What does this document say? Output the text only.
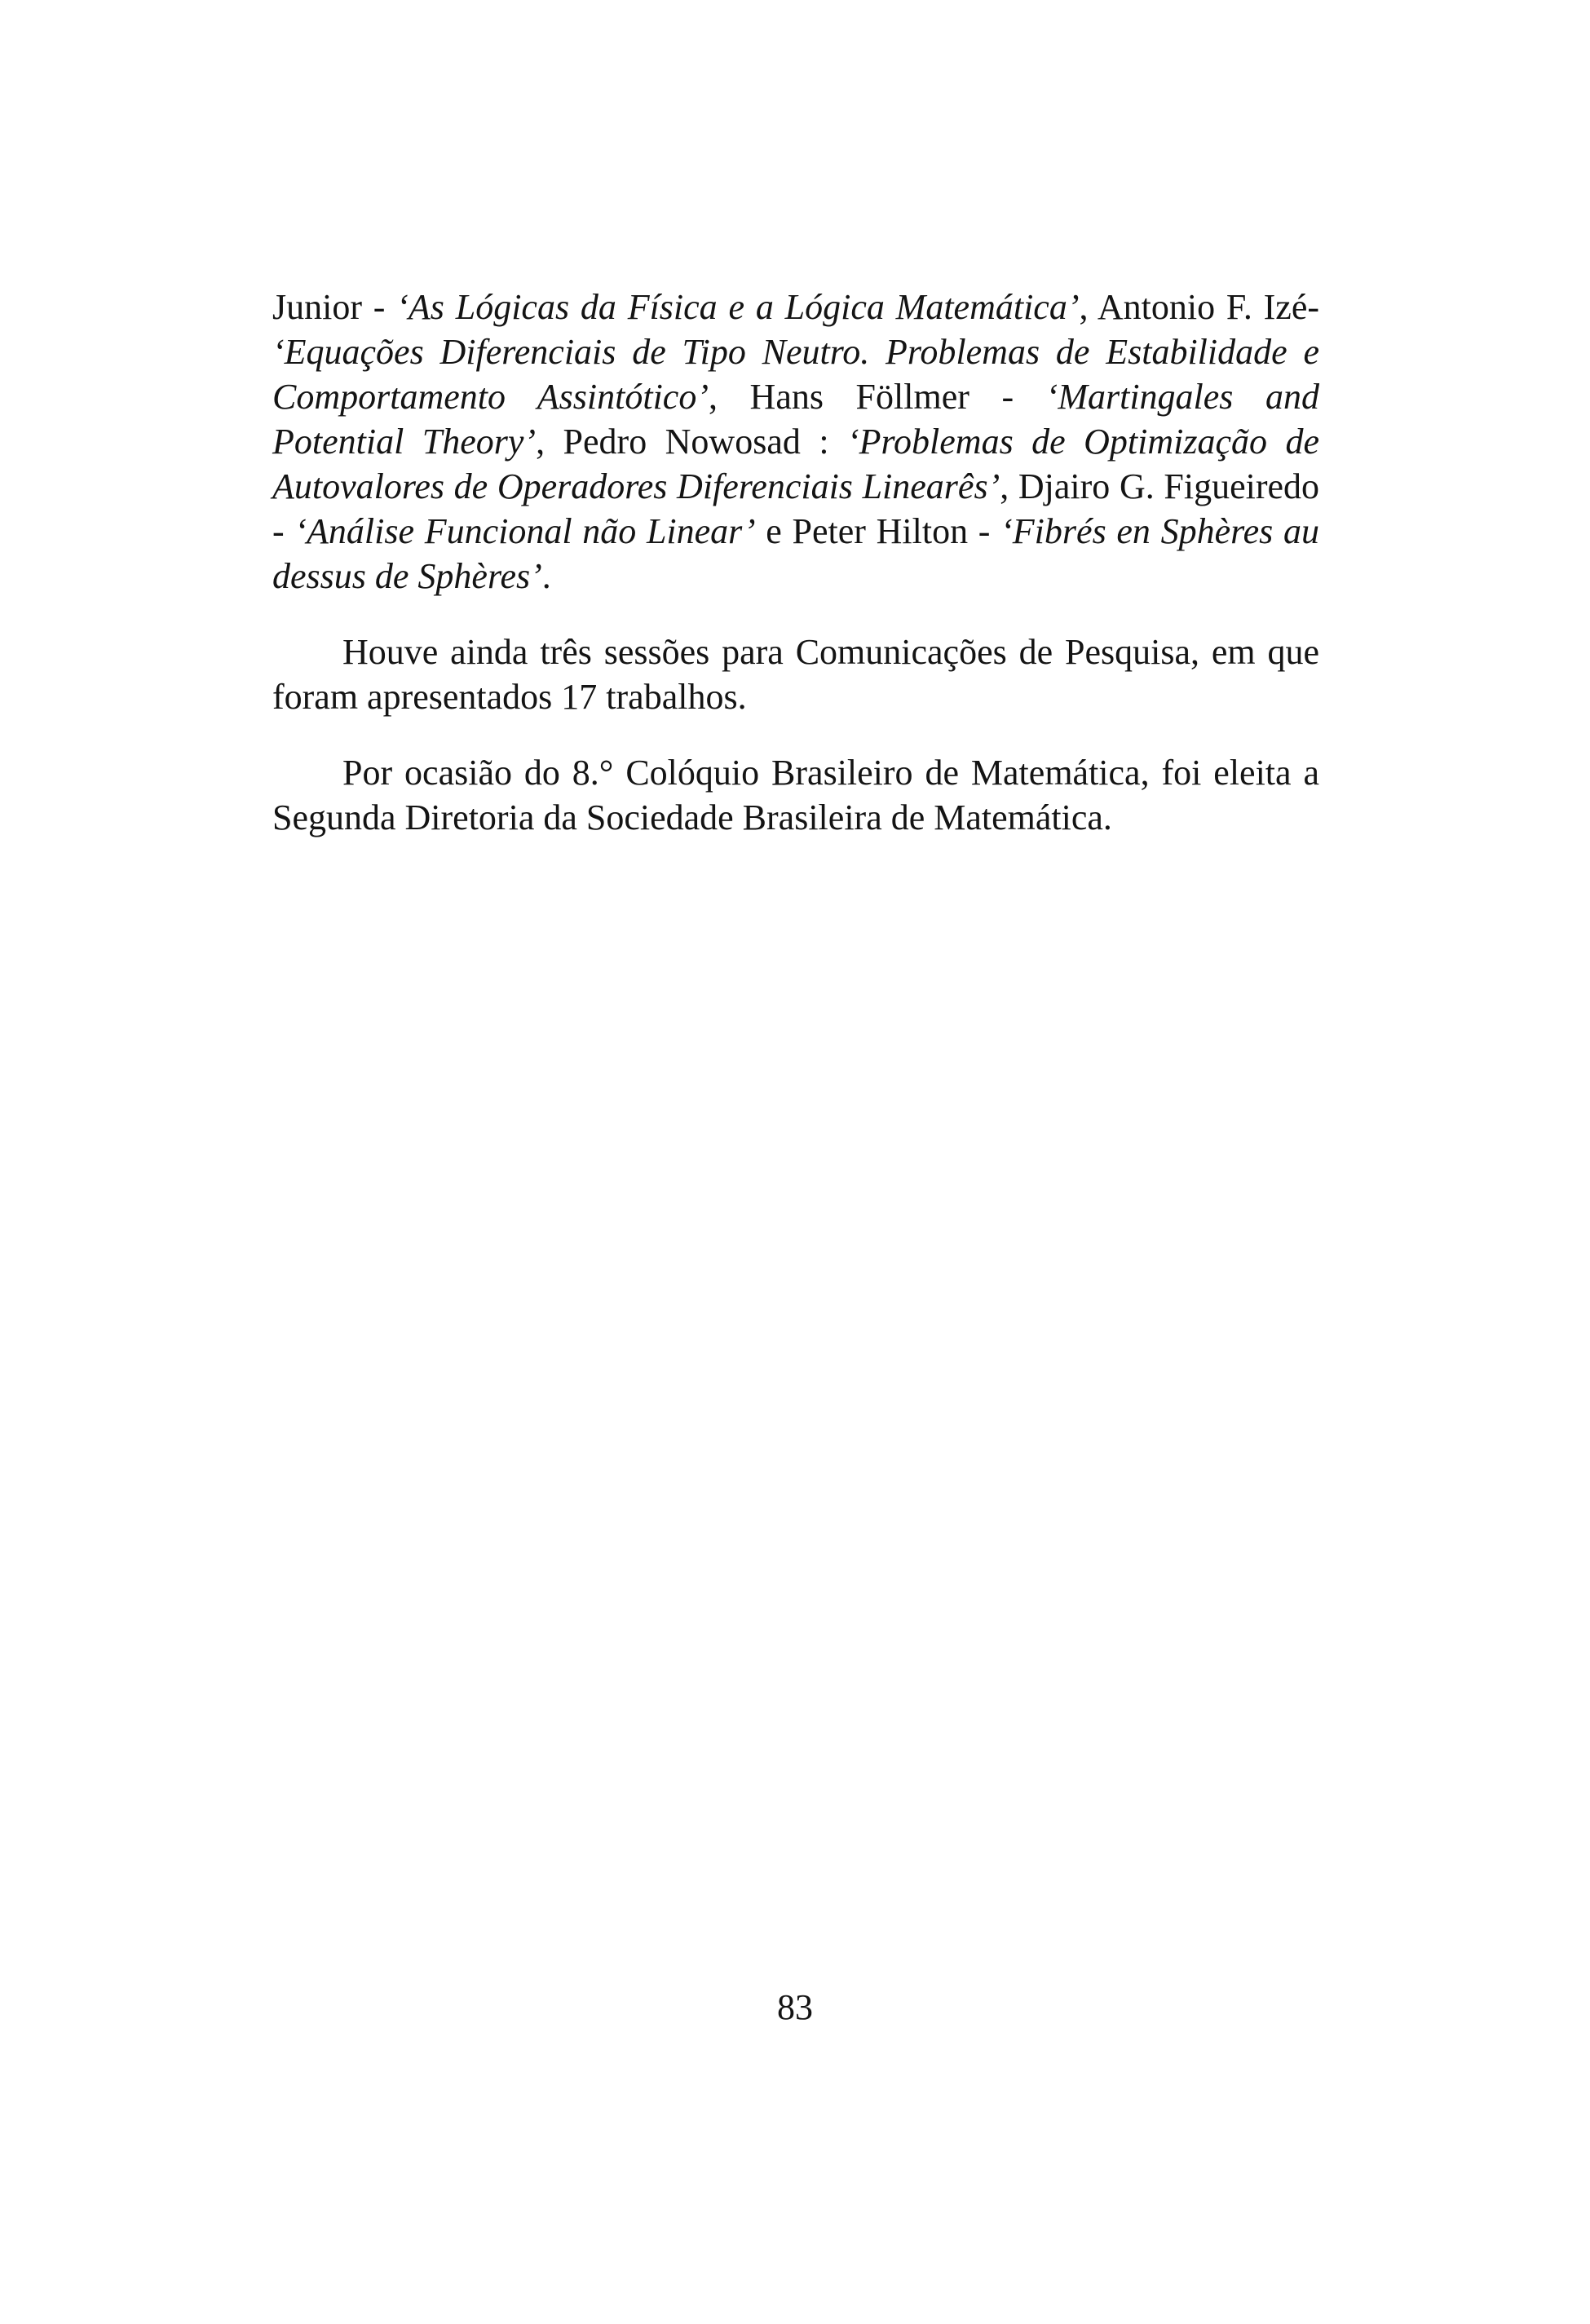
Junior - ‘As Lógicas da Física e a Lógica Matemática’, Antonio F. Izé- ‘Equações Diferenciais de Tipo Neutro. Problemas de Estabilidade e Comportamento Assintótico’, Hans Föllmer - ‘Martingales and Potential Theory’, Pedro Nowosad : ‘Problemas de Optimização de Autovalores de Operadores Diferenciais Linearês’, Djairo G. Figueiredo - ‘Análise Funcional não Linear’ e Peter Hilton - ‘Fibrés en Sphères au dessus de Sphères’.

Houve ainda três sessões para Comunicações de Pesquisa, em que foram apresentados 17 trabalhos.

Por ocasião do 8.° Colóquio Brasileiro de Matemática, foi eleita a Segunda Diretoria da Sociedade Brasileira de Matemática.

83
